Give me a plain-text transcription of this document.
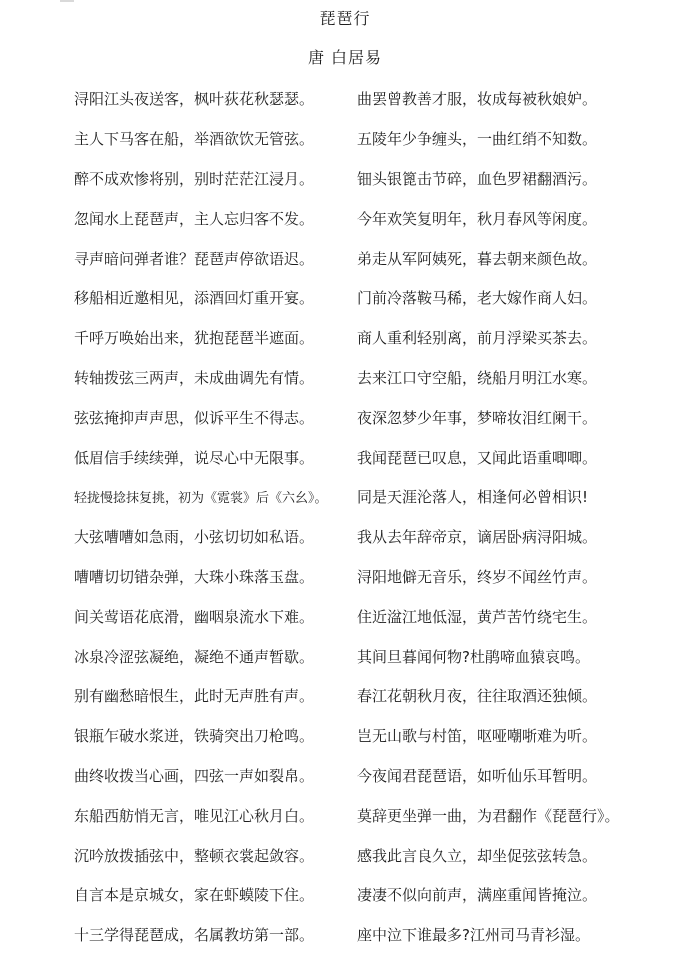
琵琶行
唐 白居易
浔阳江头夜送客，枫叶荻花秋瑟瑟。	曲罢曾教善才服，妆成每被秋娘妒。
主人下马客在船，举酒欲饮无管弦。	五陵年少争缠头，一曲红绡不知数。
醉不成欢惨将别，别时茫茫江浸月。	钿头银篦击节碎，血色罗裙翻酒污。
忽闻水上琵琶声，主人忘归客不发。	今年欢笑复明年，秋月春风等闲度。
寻声暗问弹者谁？琵琶声停欲语迟。	弟走从军阿姨死，暮去朝来颜色故。
移船相近邀相见，添酒回灯重开宴。	门前冷落鞍马稀，老大嫁作商人妇。
千呼万唤始出来，犹抱琵琶半遮面。	商人重利轻别离，前月浮梁买茶去。
转轴拨弦三两声，未成曲调先有情。	去来江口守空船，绕船月明江水寒。
弦弦掩抑声声思，似诉平生不得志。	夜深忽梦少年事，梦啼妆泪红阑干。
低眉信手续续弹，说尽心中无限事。	我闻琵琶已叹息，又闻此语重唧唧。
轻拢慢捻抹复挑，初为《霓裳》后《六幺》。	同是天涯沦落人，相逢何必曾相识!
大弦嘈嘈如急雨，小弦切切如私语。	我从去年辞帝京，谪居卧病浔阳城。
嘈嘈切切错杂弹，大珠小珠落玉盘。	浔阳地僻无音乐，终岁不闻丝竹声。
间关莺语花底滑，幽咽泉流水下难。	住近湓江地低湿，黄芦苦竹绕宅生。
冰泉冷涩弦凝绝，凝绝不通声暂歇。	其间旦暮闻何物?杜鹃啼血猿哀鸣。
别有幽愁暗恨生，此时无声胜有声。	春江花朝秋月夜，往往取酒还独倾。
银瓶乍破水浆迸，铁骑突出刀枪鸣。	岂无山歌与村笛，呕哑嘲哳难为听。
曲终收拨当心画，四弦一声如裂帛。	今夜闻君琵琶语，如听仙乐耳暂明。
东船西舫悄无言，唯见江心秋月白。	莫辞更坐弹一曲，为君翻作《琵琶行》。
沉吟放拨插弦中，整顿衣裳起敛容。	感我此言良久立，却坐促弦弦转急。
自言本是京城女，家在虾蟆陵下住。	凄凄不似向前声，满座重闻皆掩泣。
十三学得琵琶成，名属教坊第一部。	座中泣下谁最多?江州司马青衫湿。
